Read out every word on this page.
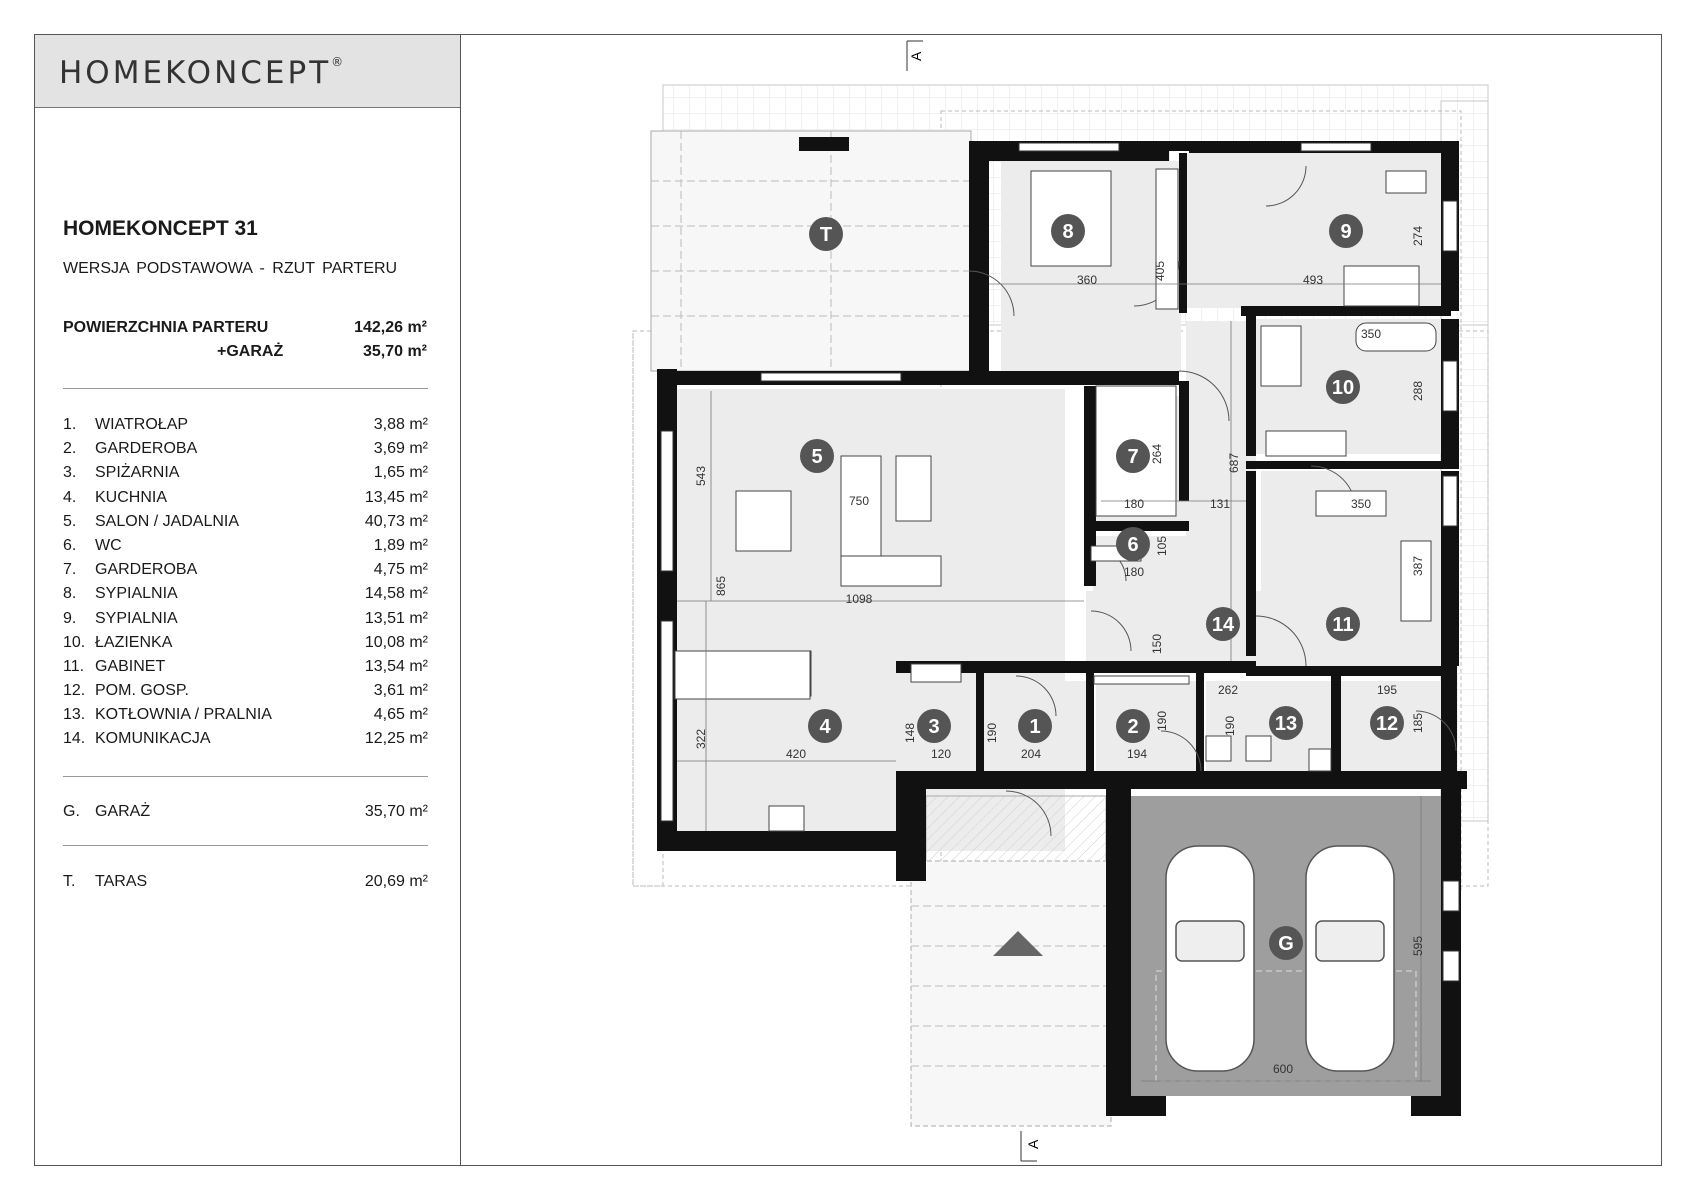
HOMEKONCEPT®
HOMEKONCEPT 31
WERSJA PODSTAWOWA - RZUT PARTERU
POWIERZCHNIA PARTERU	142,26 m²
+GARAŻ	35,70 m²
1. WIATROŁAP	3,88 m²
2. GARDEROBA	3,69 m²
3. SPIŻARNIA	1,65 m²
4. KUCHNIA	13,45 m²
5. SALON / JADALNIA	40,73 m²
6. WC	1,89 m²
7. GARDEROBA	4,75 m²
8. SYPIALNIA	14,58 m²
9. SYPIALNIA	13,51 m²
10. ŁAZIENKA	10,08 m²
11. GABINET	13,54 m²
12. POM. GOSP.	3,61 m²
13. KOTŁOWNIA / PRALNIA	4,65 m²
14. KOMUNIKACJA	12,25 m²
G. GARAŻ	35,70 m²
T. TARAS	20,69 m²
A
A
1	2
3
4
5
6
7
8	9
10
11
12
13
14
G
T
360	405	493
274
350
288
687
543
750
264
180	131	350
105
180	387
865
1098
150
262	195
322	148	190
190	190	185
420	120	204	194
595
600
